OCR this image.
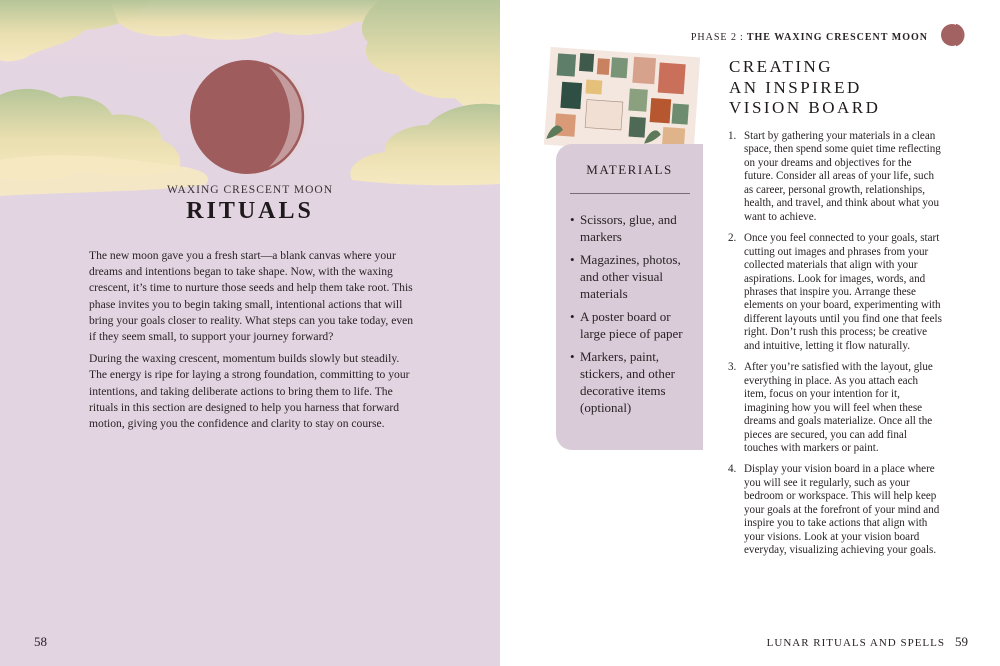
WAXING CRESCENT MOON
RITUALS

The new moon gave you a fresh start—a blank canvas where your dreams and intentions began to take shape. Now, with the waxing crescent, it’s time to nurture those seeds and help them take root. This phase invites you to begin taking small, intentional actions that will bring your goals closer to reality. What steps can you take today, even if they seem small, to support your journey forward?

During the waxing crescent, momentum builds slowly but steadily. The energy is ripe for laying a strong foundation, committing to your intentions, and taking deliberate actions to bring them to life. The rituals in this section are designed to help you harness that forward motion, giving you the confidence and clarity to stay on course.

58
PHASE 2 : THE WAXING CRESCENT MOON
MATERIALS
• Scissors, glue, and markers
• Magazines, photos, and other visual materials
• A poster board or large piece of paper
• Markers, paint, stickers, and other decorative items (optional)
CREATING
AN INSPIRED
VISION BOARD
1. Start by gathering your materials in a clean space, then spend some quiet time reflecting on your dreams and objectives for the future. Consider all areas of your life, such as career, personal growth, relationships, health, and travel, and think about what you want to achieve.
2. Once you feel connected to your goals, start cutting out images and phrases from your collected materials that align with your aspirations. Look for images, words, and phrases that inspire you. Arrange these elements on your board, experimenting with different layouts until you find one that feels right. Don’t rush this process; be creative and intuitive, letting it flow naturally.
3. After you’re satisfied with the layout, glue everything in place. As you attach each item, focus on your intention for it, imagining how you will feel when these dreams and goals materialize. Once all the pieces are secured, you can add final touches with markers or paint.
4. Display your vision board in a place where you will see it regularly, such as your bedroom or workspace. This will help keep your goals at the forefront of your mind and inspire you to take actions that align with your visions. Look at your vision board everyday, visualizing achieving your goals.
LUNAR RITUALS AND SPELLS 59
